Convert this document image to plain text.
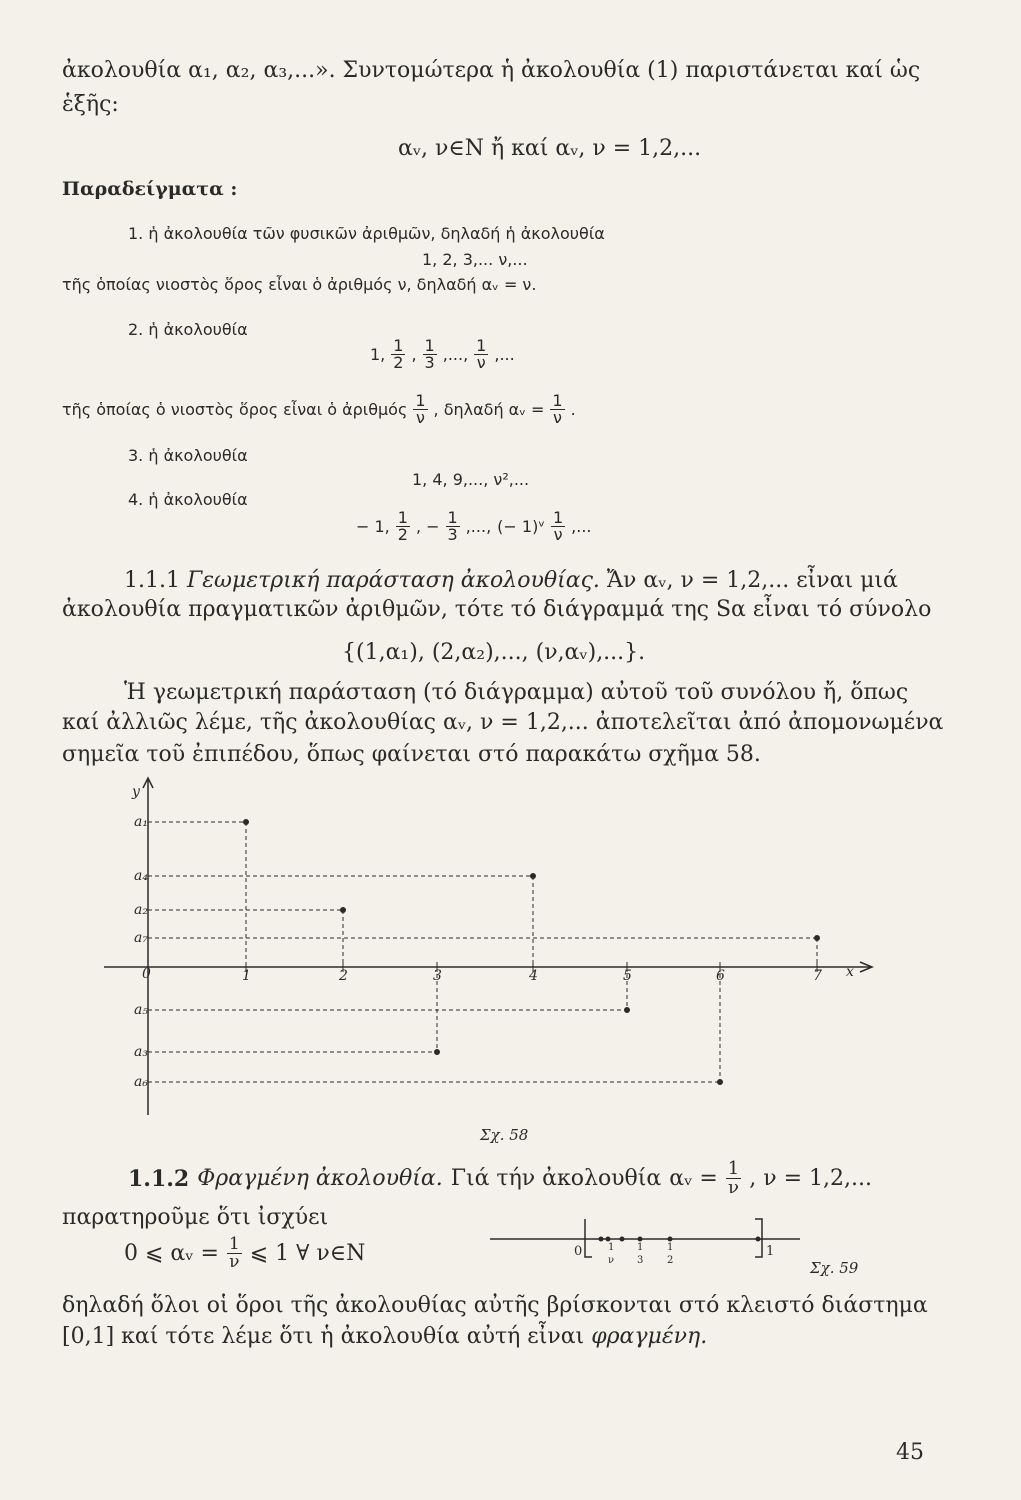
ἀκολουθία α₁, α₂, α₃,...». Συντομώτερα ἡ ἀκολουθία (1) παριστάνεται καί ὡς
ἑξῆς:
αᵥ, ν∈N ἤ καί αᵥ, ν = 1,2,...
Παραδείγματα :
1. ἡ ἀκολουθία τῶν φυσικῶν ἀριθμῶν, δηλαδή ἡ ἀκολουθία
1, 2, 3,... ν,...
τῆς ὁποίας νιοστὸς ὅρος εἶναι ὁ ἀριθμός ν, δηλαδή αᵥ = ν.
2. ἡ ἀκολουθία
1, $\frac{1}{2}$ , $\frac{1}{3}$ ,..., $\frac{1}{\nu}$ ,...
τῆς ὁποίας ὁ νιοστὸς ὅρος εἶναι ὁ ἀριθμός $\frac{1}{\nu}$ , δηλαδή αᵥ = $\frac{1}{\nu}$ .
3. ἡ ἀκολουθία
1, 4, 9,..., ν²,...
4. ἡ ἀκολουθία
− 1, $\frac{1}{2}$ , − $\frac{1}{3}$ ,..., (− 1)ᵛ $\frac{1}{\nu}$ ,...
1.1.1 Γεωμετρική παράσταση ἀκολουθίας. Ἄν αᵥ, ν = 1,2,... εἶναι μιά
ἀκολουθία πραγματικῶν ἀριθμῶν, τότε τό διάγραμμά της Sα εἶναι τό σύνολο
{(1,α₁), (2,α₂),..., (ν,αᵥ),...}.
Ἡ γεωμετρική παράσταση (τό διάγραμμα) αὐτοῦ τοῦ συνόλου ἤ, ὅπως
καί ἀλλιῶς λέμε, τῆς ἀκολουθίας αᵥ, ν = 1,2,... ἀποτελεῖται ἀπό ἀπομονωμένα
σημεῖα τοῦ ἐπιπέδου, ὅπως φαίνεται στό παρακάτω σχῆμα 58.
y
x
0	1	2	3	4	5	6	7
a₁
a₄
a₂
a₇
a₅
a₃
a₆
Σχ. 58
1.1.2 Φραγμένη ἀκολουθία. Γιά τήν ἀκολουθία αᵥ = $\frac{1}{\nu}$ , ν = 1,2,...
παρατηροῦμε ὅτι ἰσχύει
0 ⩽ αᵥ = $\frac{1}{\nu}$ ⩽ 1 ∀ ν∈N	0	1
1
ν
1
3
1
2	Σχ. 59
δηλαδή ὅλοι οἱ ὅροι τῆς ἀκολουθίας αὐτῆς βρίσκονται στό κλειστό διάστημα
[0,1] καί τότε λέμε ὅτι ἡ ἀκολουθία αὐτή εἶναι φραγμένη.
45
